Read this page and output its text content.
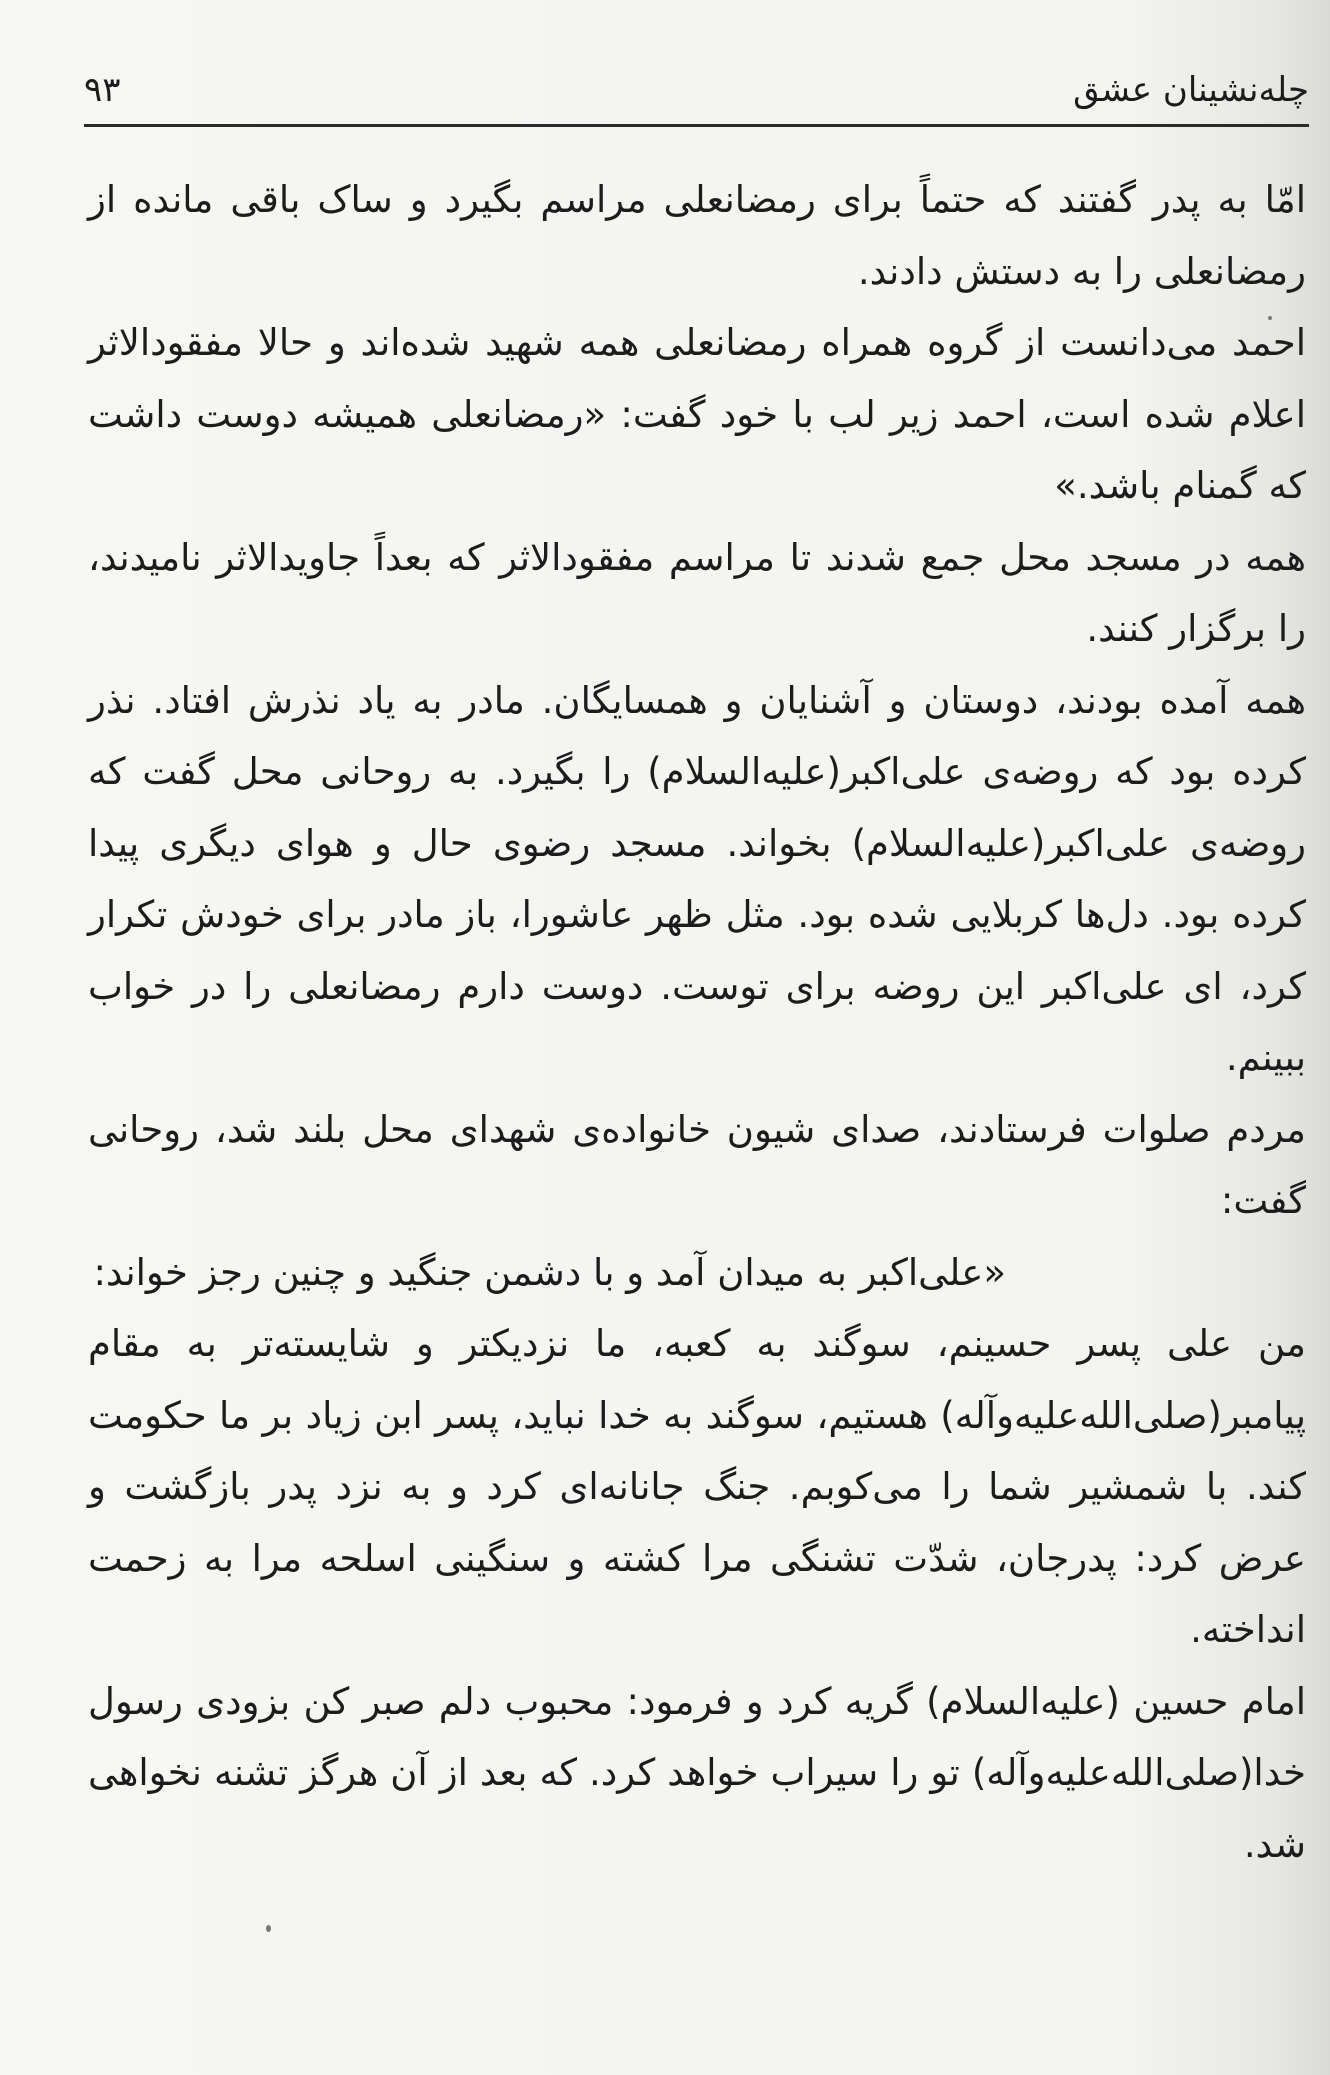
چله‌نشینان عشق
۹۳

امّا به پدر گفتند که حتماً برای رمضانعلی مراسم بگیرد و ساک باقی مانده از رمضانعلی را به دستش دادند.

احمد می‌دانست از گروه همراه رمضانعلی همه شهید شده‌اند و حالا مفقودالاثر اعلام شده است، احمد زیر لب با خود گفت: «رمضانعلی همیشه دوست داشت که گمنام باشد.»

همه در مسجد محل جمع شدند تا مراسم مفقودالاثر که بعداً جاویدالاثر نامیدند، را برگزار کنند.

همه آمده بودند، دوستان و آشنایان و همسایگان. مادر به یاد نذرش افتاد. نذر کرده بود که روضه‌ی علی‌اکبر(علیه‌السلام) را بگیرد. به روحانی محل گفت که روضه‌ی علی‌اکبر(علیه‌السلام) بخواند. مسجد رضوی حال و هوای دیگری پیدا کرده بود. دل‌ها کربلایی شده بود. مثل ظهر عاشورا، باز مادر برای خودش تکرار کرد، ای علی‌اکبر این روضه برای توست. دوست دارم رمضانعلی را در خواب ببینم.

مردم صلوات فرستادند، صدای شیون خانواده‌ی شهدای محل بلند شد، روحانی گفت:

«علی‌اکبر به میدان آمد و با دشمن جنگید و چنین رجز خواند:

من علی پسر حسینم، سوگند به کعبه، ما نزدیکتر و شایسته‌تر به مقام پیامبر(صلی‌الله‌علیه‌وآله) هستیم، سوگند به خدا نباید، پسر ابن زیاد بر ما حکومت کند. با شمشیر شما را می‌کوبم. جنگ جانانه‌ای کرد و به نزد پدر بازگشت و عرض کرد: پدرجان، شدّت تشنگی مرا کشته و سنگینی اسلحه مرا به زحمت انداخته.

امام حسین (علیه‌السلام) گریه کرد و فرمود: محبوب دلم صبر کن بزودی رسول خدا(صلی‌الله‌علیه‌وآله) تو را سیراب خواهد کرد. که بعد از آن هرگز تشنه نخواهی شد.
